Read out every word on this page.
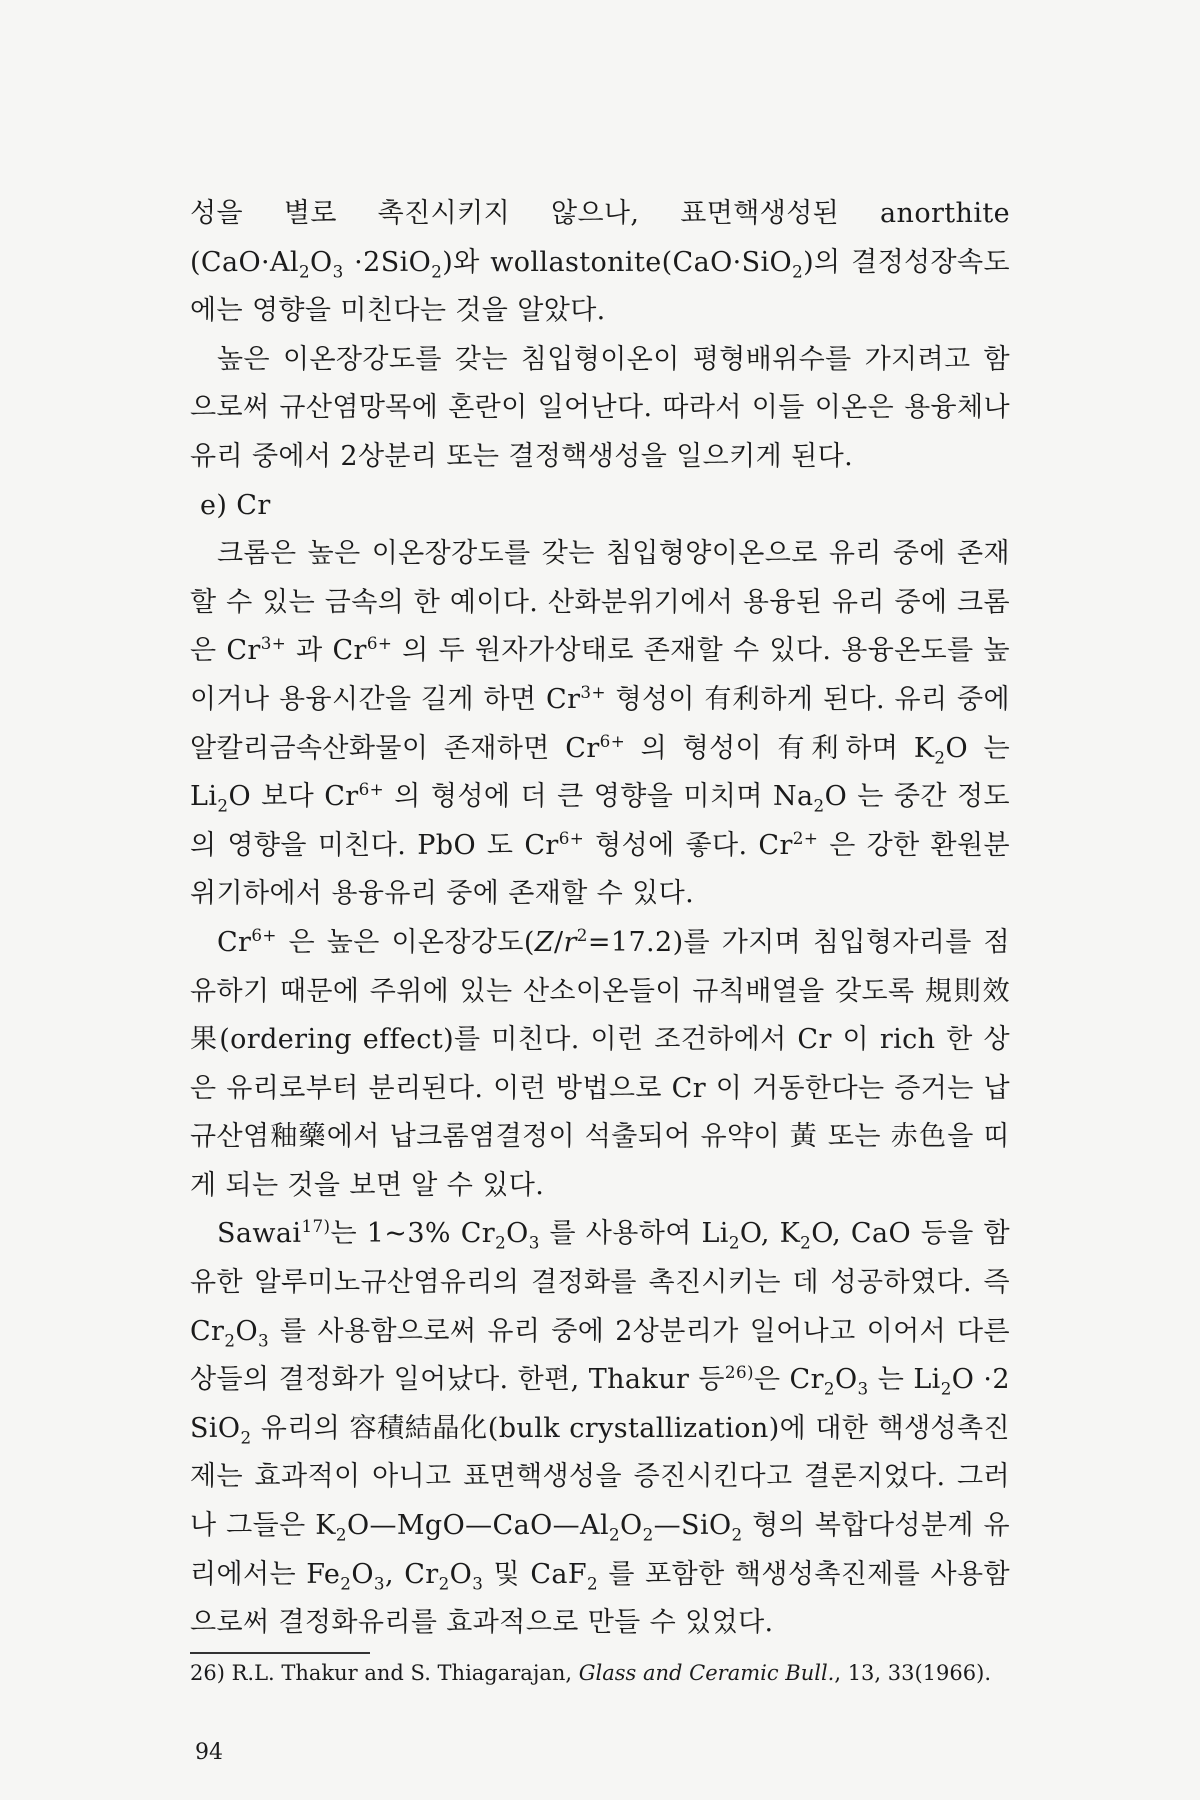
성을 별로 촉진시키지 않으나, 표면핵생성된 anorthite $(CaO\cdot Al_2O_3 \cdot 2SiO_2)$와 wollastonite(CaO·SiO$_2$)의 결정성장속도에는 영향을 미친다는 것을 알았다.

높은 이온장강도를 갖는 침입형이온이 평형배위수를 가지려고 함으로써 규산염망목에 혼란이 일어난다. 따라서 이들 이온은 용융체나 유리 중에서 2상분리 또는 결정핵생성을 일으키게 된다.

e) Cr

크롬은 높은 이온장강도를 갖는 침입형양이온으로 유리 중에 존재할 수 있는 금속의 한 예이다. 산화분위기에서 용융된 유리 중에 크롬은 $Cr^{3+}$ 과 $Cr^{6+}$ 의 두 원자가상태로 존재할 수 있다. 용융온도를 높이거나 용융시간을 길게 하면 $Cr^{3+}$ 형성이 有利하게 된다. 유리 중에 알칼리금속산화물이 존재하면 $Cr^{6+}$ 의 형성이 有利하며 $K_2O$ 는 $Li_2O$ 보다 $Cr^{6+}$ 의 형성에 더 큰 영향을 미치며 $Na_2O$ 는 중간 정도의 영향을 미친다. PbO 도 $Cr^{6+}$ 형성에 좋다. $Cr^{2+}$ 은 강한 환원분위기하에서 용융유리 중에 존재할 수 있다.

$Cr^{6+}$ 은 높은 이온장강도$(Z/r^2=17.2)$를 가지며 침입형자리를 점유하기 때문에 주위에 있는 산소이온들이 규칙배열을 갖도록 規則效果(ordering effect)를 미친다. 이런 조건하에서 Cr 이 rich 한 상은 유리로부터 분리된다. 이런 방법으로 Cr 이 거동한다는 증거는 납규산염釉藥에서 납크롬염결정이 석출되어 유약이 黃 또는 赤色을 띠게 되는 것을 보면 알 수 있다.

Sawai$^{17)}$는 1~3% $Cr_2O_3$ 를 사용하여 $Li_2O$, $K_2O$, CaO 등을 함유한 알루미노규산염유리의 결정화를 촉진시키는 데 성공하였다. 즉 $Cr_2O_3$ 를 사용함으로써 유리 중에 2상분리가 일어나고 이어서 다른 상들의 결정화가 일어났다. 한편, Thakur 등$^{26)}$은 $Cr_2O_3$ 는 $Li_2O \cdot 2$ SiO$_2$ 유리의 容積結晶化(bulk crystallization)에 대한 핵생성촉진제는 효과적이 아니고 표면핵생성을 증진시킨다고 결론지었다. 그러나 그들은 $K_2O—MgO—CaO—Al_2O_2—SiO_2$ 형의 복합다성분계 유리에서는 $Fe_2O_3$, $Cr_2O_3$ 및 CaF$_2$ 를 포함한 핵생성촉진제를 사용함으로써 결정화유리를 효과적으로 만들 수 있었다.

26) R.L. Thakur and S. Thiagarajan, Glass and Ceramic Bull., 13, 33(1966).
94
